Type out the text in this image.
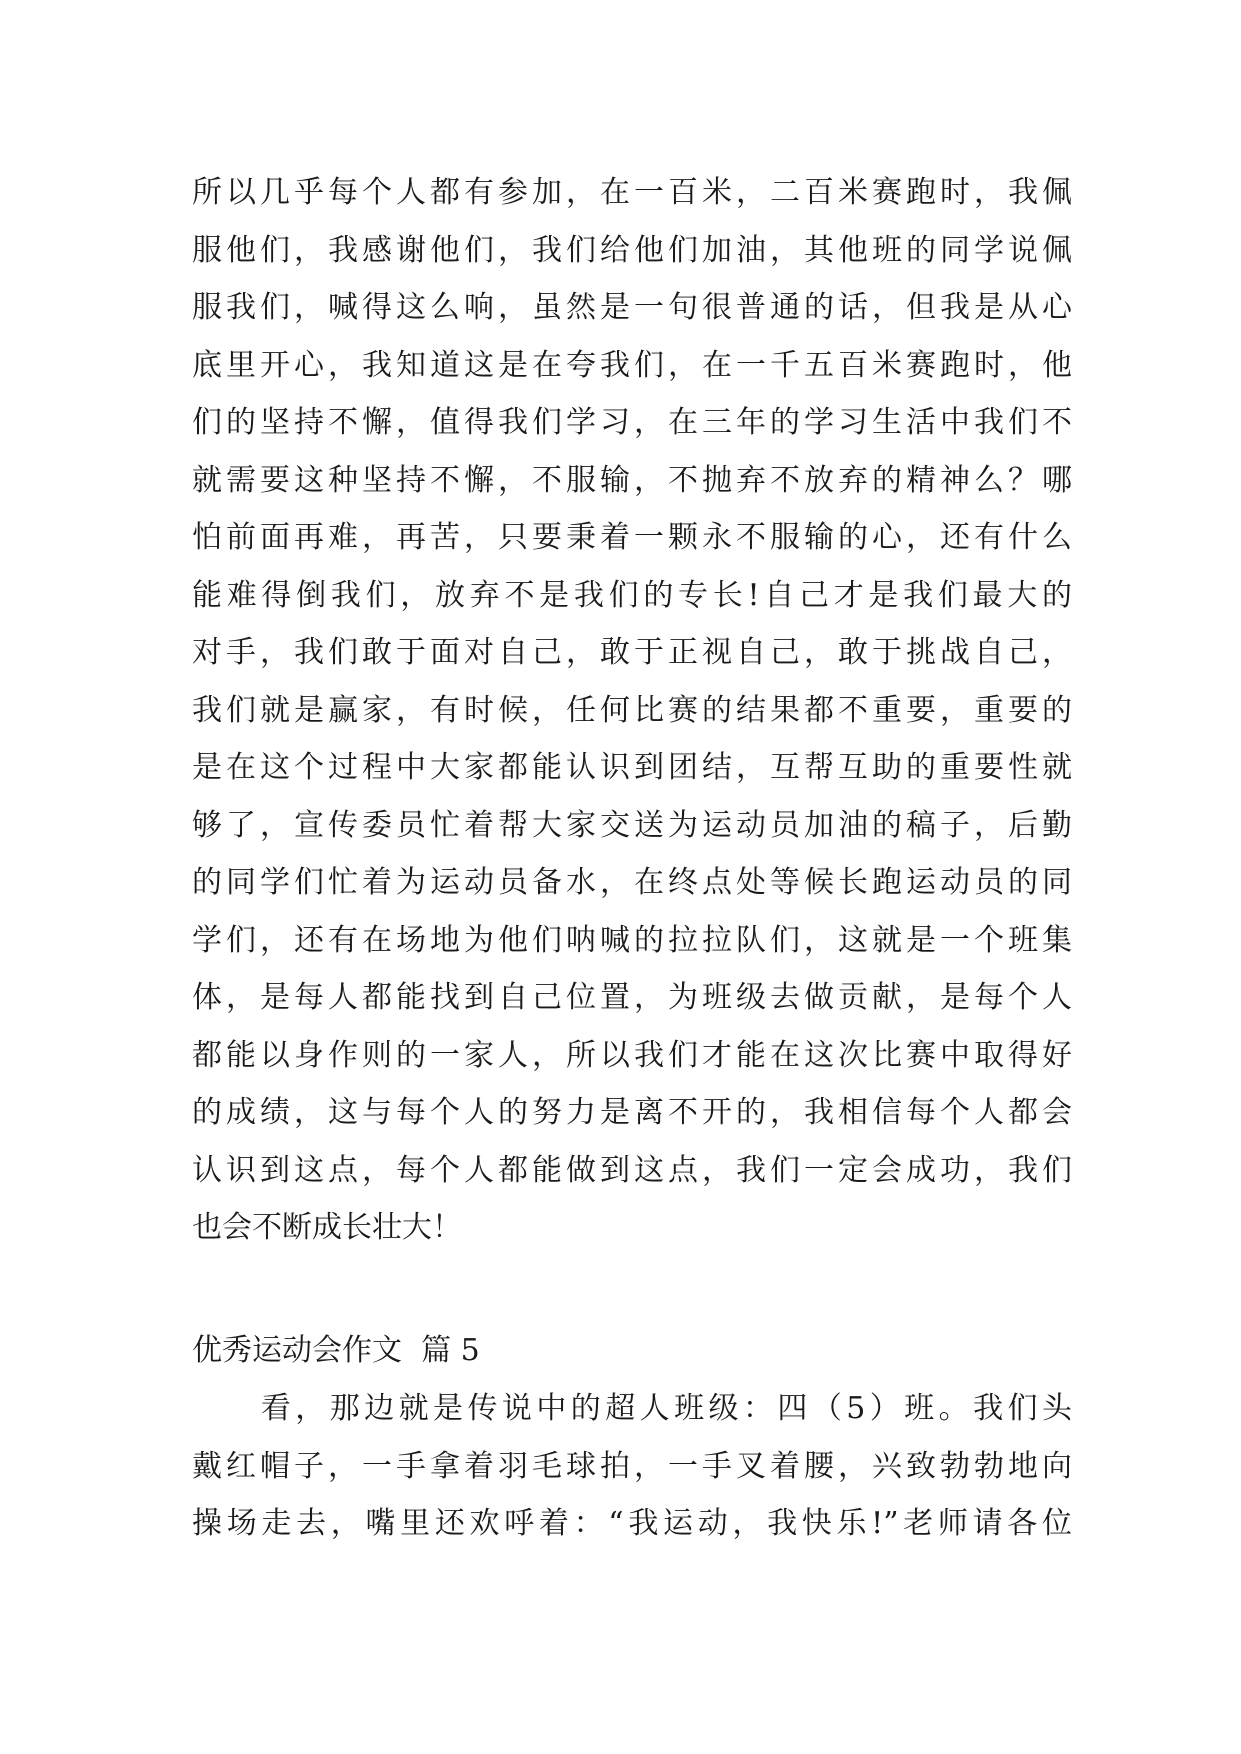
所以几乎每个人都有参加，在一百米，二百米赛跑时，我佩
服他们，我感谢他们，我们给他们加油，其他班的同学说佩
服我们，喊得这么响，虽然是一句很普通的话，但我是从心
底里开心，我知道这是在夸我们，在一千五百米赛跑时，他
们的坚持不懈，值得我们学习，在三年的学习生活中我们不
就需要这种坚持不懈，不服输，不抛弃不放弃的精神么？哪
怕前面再难，再苦，只要秉着一颗永不服输的心，还有什么
能难得倒我们，放弃不是我们的专长!自己才是我们最大的
对手，我们敢于面对自己，敢于正视自己，敢于挑战自己，
我们就是赢家，有时候，任何比赛的结果都不重要，重要的
是在这个过程中大家都能认识到团结，互帮互助的重要性就
够了，宣传委员忙着帮大家交送为运动员加油的稿子，后勤
的同学们忙着为运动员备水，在终点处等候长跑运动员的同
学们，还有在场地为他们呐喊的拉拉队们，这就是一个班集
体，是每人都能找到自己位置，为班级去做贡献，是每个人
都能以身作则的一家人，所以我们才能在这次比赛中取得好
的成绩，这与每个人的努力是离不开的，我相信每个人都会
认识到这点，每个人都能做到这点，我们一定会成功，我们
也会不断成长壮大！
优秀运动会作文  篇 5
　　看，那边就是传说中的超人班级：四（5）班。我们头
戴红帽子，一手拿着羽毛球拍，一手叉着腰，兴致勃勃地向
操场走去，嘴里还欢呼着：“我运动，我快乐!”老师请各位
